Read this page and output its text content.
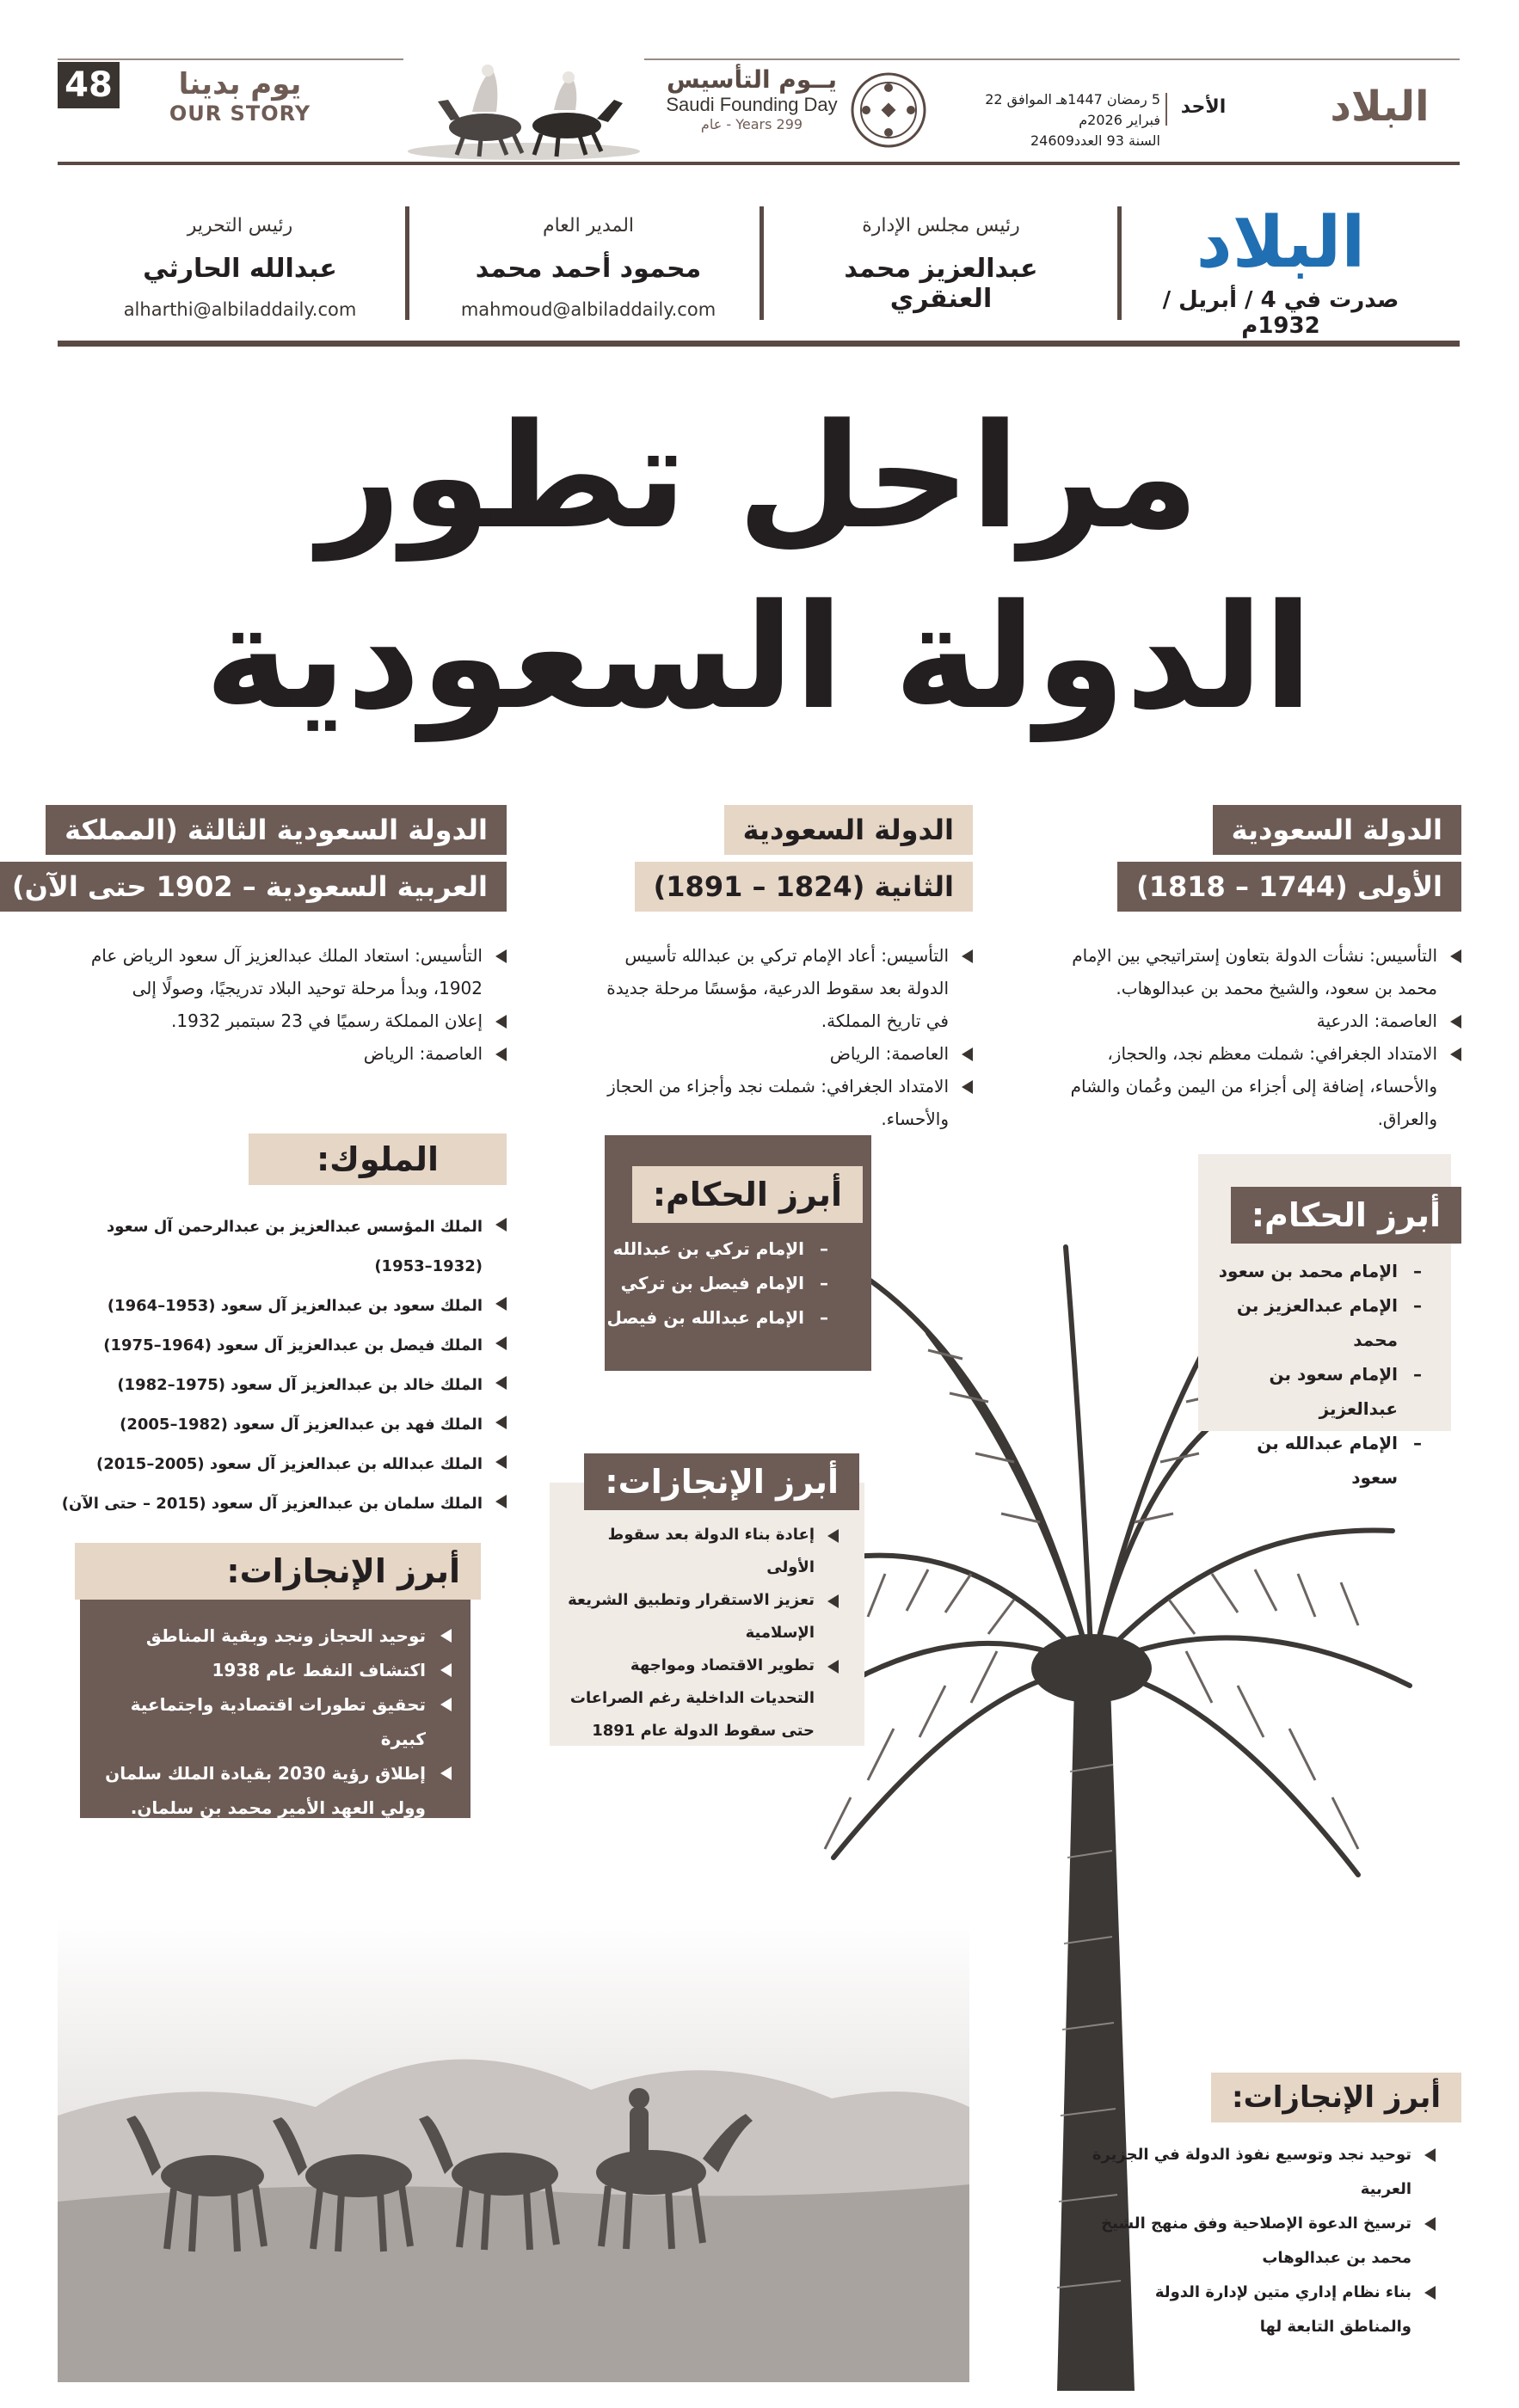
48	يوم بدينا
OUR STORY
يــوم التأسيس
Saudi Founding Day
299 Years - عام
5 رمضان 1447هـ الموافق 22 فبراير 2026م
السنة 93 العدد24609
الأحد	البلاد
رئيس التحرير
عبدالله الحارثي
alharthi@albiladdaily.com
المدير العام
محمود أحمد محمد
mahmoud@albiladdaily.com
رئيس مجلس الإدارة
عبدالعزيز محمد العنقري
البلاد
صدرت في 4 / أبريل / 1932م
مراحل تطور
الدولة السعودية
الدولة السعودية
الأولى (1744 – 1818)
التأسيس: نشأت الدولة بتعاون إستراتيجي بين الإمام محمد بن سعود، والشيخ محمد بن عبدالوهاب.
العاصمة: الدرعية
الامتداد الجغرافي: شملت معظم نجد، والحجاز، والأحساء، إضافة إلى أجزاء من اليمن وعُمان والشام والعراق.
أبرز الحكام:
– الإمام محمد بن سعود
– الإمام عبدالعزيز بن محمد
– الإمام سعود بن عبدالعزيز
– الإمام عبدالله بن سعود
أبرز الإنجازات:
توحيد نجد وتوسيع نفوذ الدولة في الجزيرة العربية
ترسيخ الدعوة الإصلاحية وفق منهج الشيخ محمد بن عبدالوهاب
بناء نظام إداري متين لإدارة الدولة والمناطق التابعة لها
الدولة السعودية
الثانية (1824 – 1891)
التأسيس: أعاد الإمام تركي بن عبدالله تأسيس الدولة بعد سقوط الدرعية، مؤسسًا مرحلة جديدة في تاريخ المملكة.
العاصمة: الرياض
الامتداد الجغرافي: شملت نجد وأجزاء من الحجاز والأحساء.
أبرز الحكام:
– الإمام تركي بن عبدالله
– الإمام فيصل بن تركي
– الإمام عبدالله بن فيصل
أبرز الإنجازات:
إعادة بناء الدولة بعد سقوط الأولى
تعزيز الاستقرار وتطبيق الشريعة الإسلامية
تطوير الاقتصاد ومواجهة التحديات الداخلية رغم الصراعات حتى سقوط الدولة عام 1891
الدولة السعودية الثالثة (المملكة
العربية السعودية – 1902 حتى الآن)
التأسيس: استعاد الملك عبدالعزيز آل سعود الرياض عام 1902، وبدأ مرحلة توحيد البلاد تدريجيًا، وصولًا إلى
إعلان المملكة رسميًا في 23 سبتمبر 1932.
العاصمة: الرياض
الملوك:
الملك المؤسس عبدالعزيز بن عبدالرحمن آل سعود (1932–1953)
الملك سعود بن عبدالعزيز آل سعود (1953–1964)
الملك فيصل بن عبدالعزيز آل سعود (1964–1975)
الملك خالد بن عبدالعزيز آل سعود (1975–1982)
الملك فهد بن عبدالعزيز آل سعود (1982–2005)
الملك عبدالله بن عبدالعزيز آل سعود (2005–2015)
الملك سلمان بن عبدالعزيز آل سعود (2015 – حتى الآن)
أبرز الإنجازات:
توحيد الحجاز ونجد وبقية المناطق
اكتشاف النفط عام 1938
تحقيق تطورات اقتصادية واجتماعية كبيرة
إطلاق رؤية 2030 بقيادة الملك سلمان وولي العهد الأمير محمد بن سلمان.
